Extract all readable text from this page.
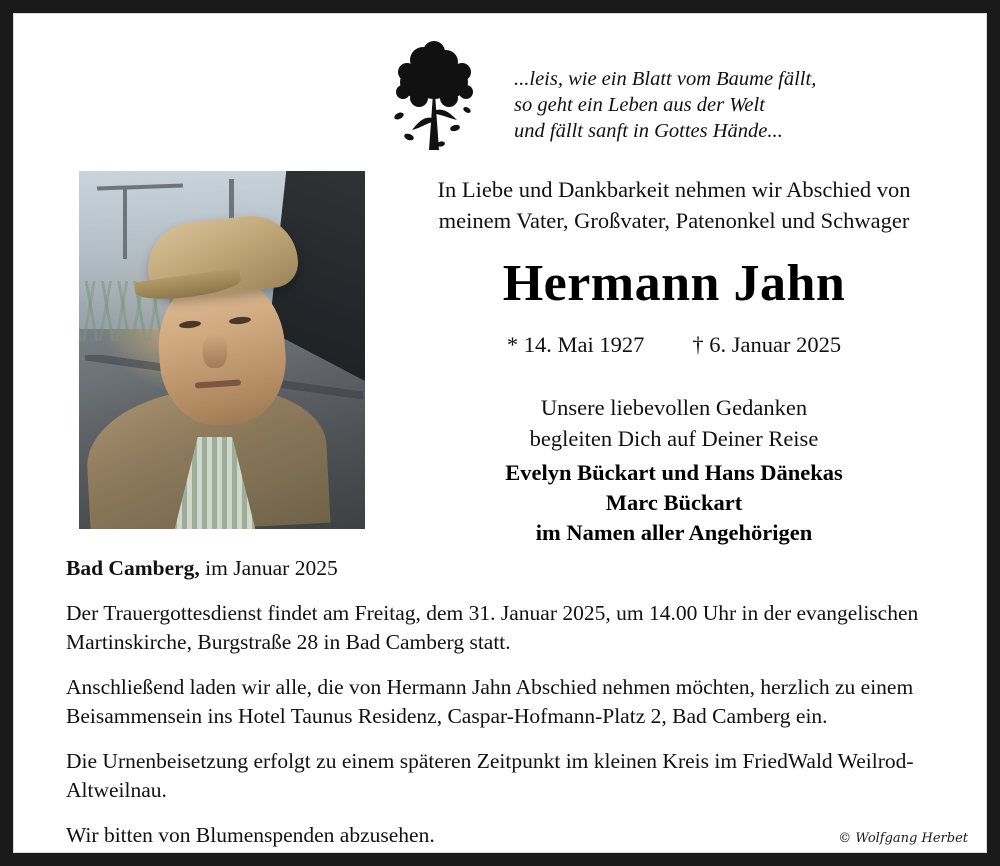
...leis, wie ein Blatt vom Baume fällt,
so geht ein Leben aus der Welt
und fällt sanft in Gottes Hände...
In Liebe und Dankbarkeit nehmen wir Abschied von
meinem Vater, Großvater, Patenonkel und Schwager
Hermann Jahn
* 14. Mai 1927 † 6. Januar 2025
Unsere liebevollen Gedanken
begleiten Dich auf Deiner Reise
Evelyn Bückart und Hans Dänekas
Marc Bückart
im Namen aller Angehörigen
Bad Camberg, im Januar 2025
Der Trauergottesdienst findet am Freitag, dem 31. Januar 2025, um 14.00 Uhr in der evangelischen Martinskirche, Burgstraße 28 in Bad Camberg statt.
Anschließend laden wir alle, die von Hermann Jahn Abschied nehmen möchten, herzlich zu einem Beisammensein ins Hotel Taunus Residenz, Caspar-Hofmann-Platz 2, Bad Camberg ein.
Die Urnenbeisetzung erfolgt zu einem späteren Zeitpunkt im kleinen Kreis im FriedWald Weilrod-Altweilnau.
Wir bitten von Blumenspenden abzusehen.	© Wolfgang Herbet
